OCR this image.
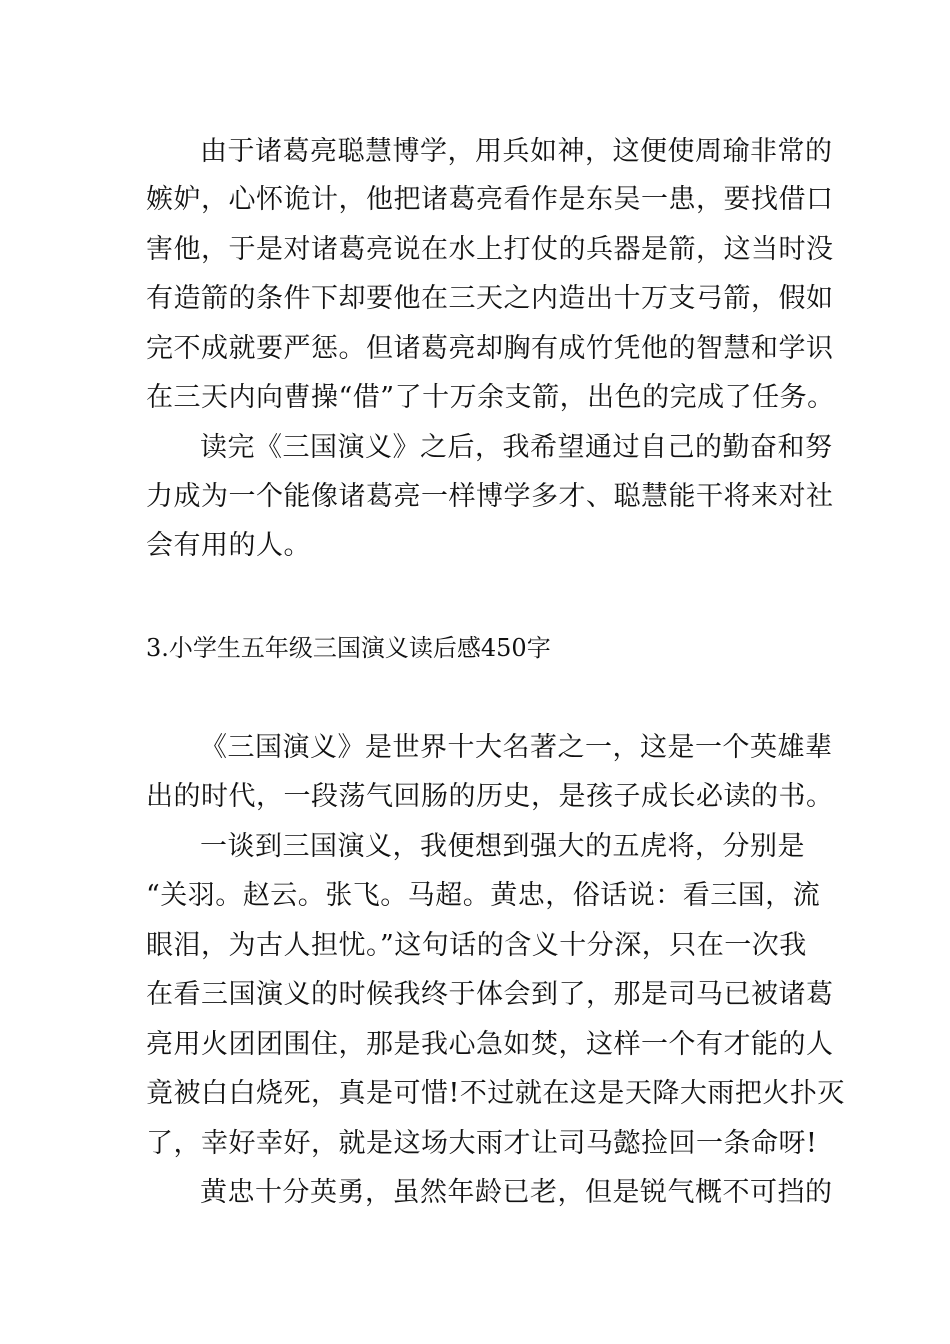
由于诸葛亮聪慧博学，用兵如神，这便使周瑜非常的
嫉妒，心怀诡计，他把诸葛亮看作是东吴一患，要找借口
害他，于是对诸葛亮说在水上打仗的兵器是箭，这当时没
有造箭的条件下却要他在三天之内造出十万支弓箭，假如
完不成就要严惩。但诸葛亮却胸有成竹凭他的智慧和学识
在三天内向曹操“借”了十万余支箭，出色的完成了任务。
读完《三国演义》之后，我希望通过自己的勤奋和努
力成为一个能像诸葛亮一样博学多才、聪慧能干将来对社
会有用的人。
3.小学生五年级三国演义读后感450字
《三国演义》是世界十大名著之一，这是一个英雄辈
出的时代，一段荡气回肠的历史，是孩子成长必读的书。
一谈到三国演义，我便想到强大的五虎将，分别是
“关羽。赵云。张飞。马超。黄忠，俗话说：看三国，流
眼泪，为古人担忧。”这句话的含义十分深，只在一次我
在看三国演义的时候我终于体会到了，那是司马已被诸葛
亮用火团团围住，那是我心急如焚，这样一个有才能的人
竟被白白烧死，真是可惜!不过就在这是天降大雨把火扑灭
了，幸好幸好，就是这场大雨才让司马懿捡回一条命呀!
黄忠十分英勇，虽然年龄已老，但是锐气概不可挡的
